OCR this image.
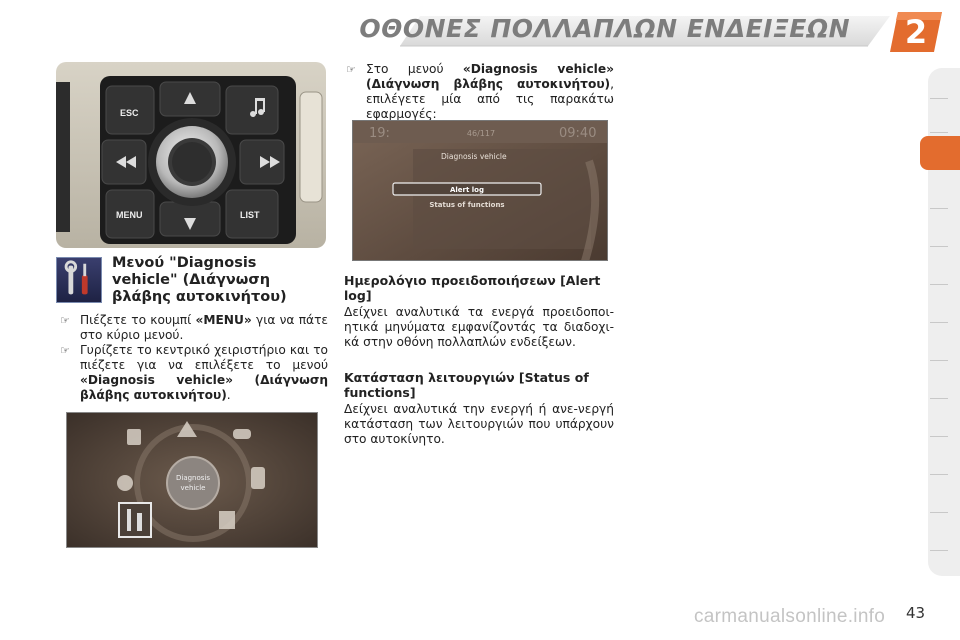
ΟΘΟΝΕΣ ΠΟΛΛΑΠΛΩΝ ΕΝΔΕΙΞΕΩΝ	2
ESC
MENU	LIST
Μενού "Diagnosis vehicle" (Διάγνωση βλάβης αυτοκινήτου)
☞ Πιέζετε το κουμπί «MENU» για να πάτε στο κύριο μενού.
☞ Γυρίζετε το κεντρικό χειριστήριο και το πιέζετε για να επιλέξετε το μενού «Diagnosis vehicle» (Διάγνωση βλάβης αυτοκινήτου).
Diagnosis
vehicle
☞ Στο μενού «Diagnosis vehicle» (Διάγνωση βλάβης αυτοκινήτου), επιλέγετε μία από τις παρακάτω εφαρμογές:
19:	46/117	09:40
Diagnosis vehicle
Alert log
Status of functions
Ημερολόγιο προειδοποιήσεων [Alert log]
Δείχνει αναλυτικά τα ενεργά προειδοποι-ητικά μηνύματα εμφανίζοντάς τα διαδοχι-κά στην οθόνη πολλαπλών ενδείξεων.
Κατάσταση λειτουργιών [Status of functions]
Δείχνει αναλυτικά την ενεργή ή ανε-νεργή κατάσταση των λειτουργιών που υπάρχουν στο αυτοκίνητο.
carmanualsonline.info 43
